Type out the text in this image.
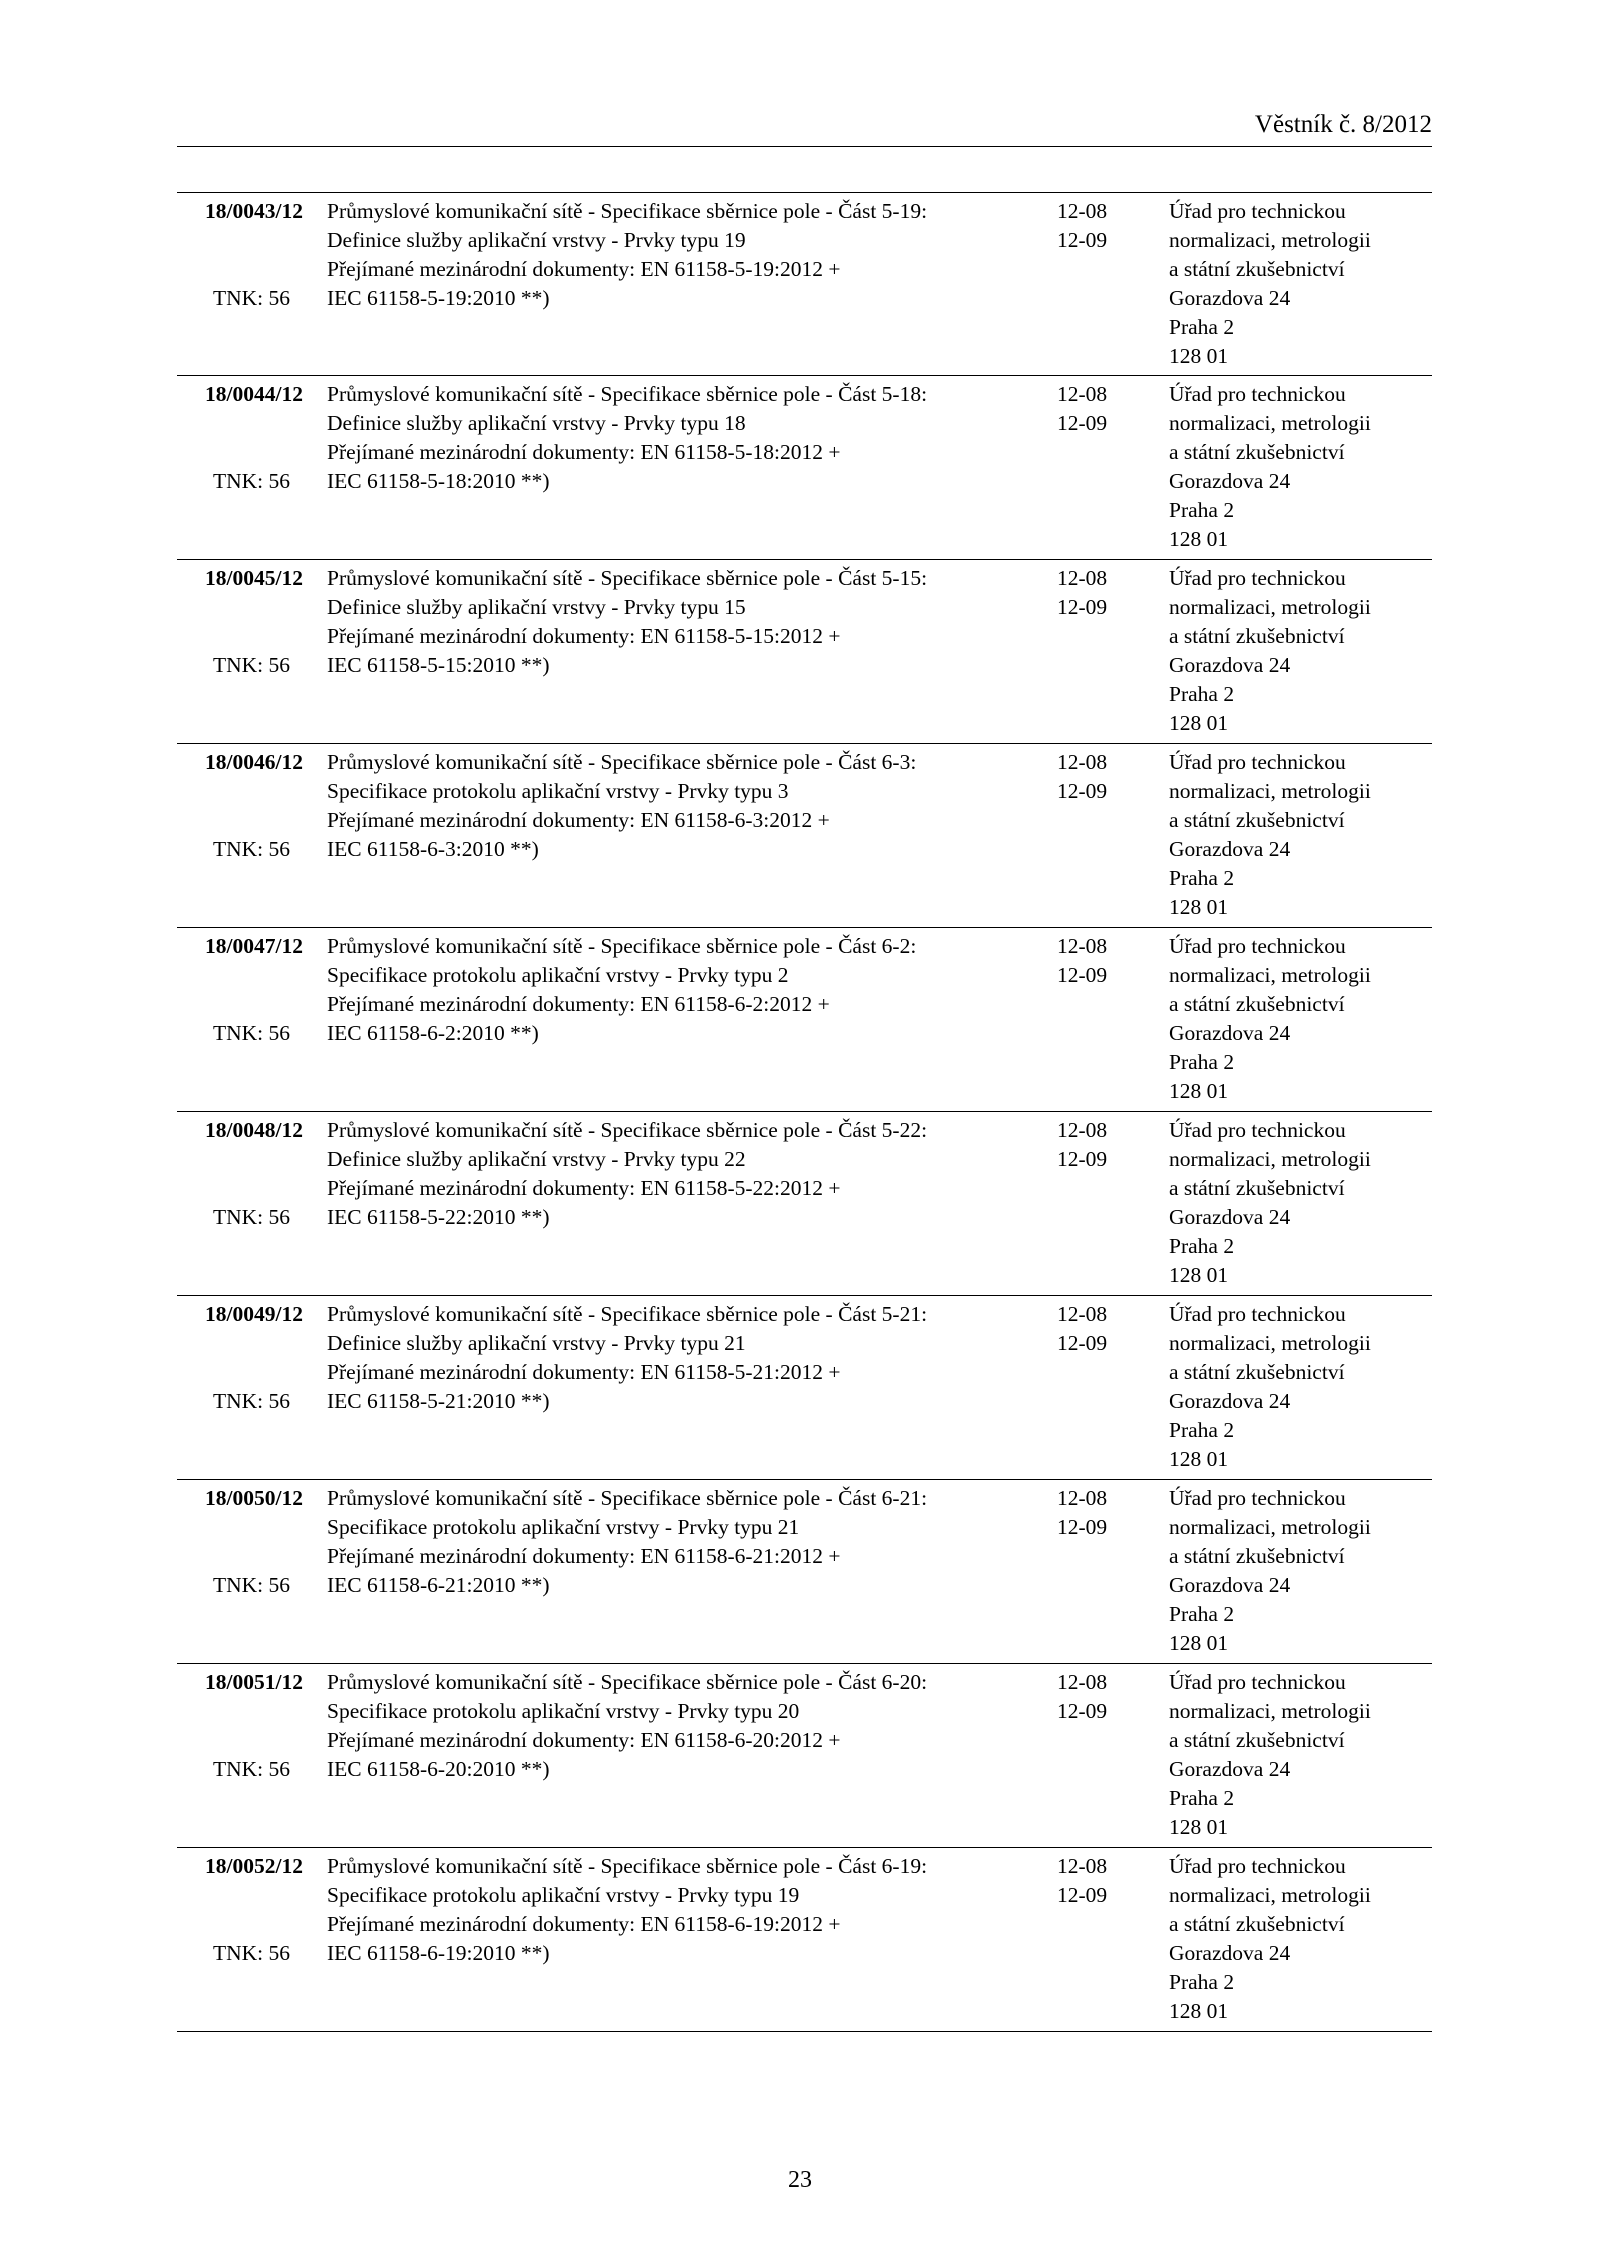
Věstník č. 8/2012
18/0043/12
TNK: 56
Průmyslové komunikační sítě - Specifikace sběrnice pole - Část 5-19:
Definice služby aplikační vrstvy - Prvky typu 19
Přejímané mezinárodní dokumenty: EN 61158-5-19:2012 +
IEC 61158-5-19:2010 **)
12-08
12-09
Úřad pro technickou
normalizaci, metrologii
a státní zkušebnictví
Gorazdova 24
Praha 2
128 01
18/0044/12
TNK: 56
Průmyslové komunikační sítě - Specifikace sběrnice pole - Část 5-18:
Definice služby aplikační vrstvy - Prvky typu 18
Přejímané mezinárodní dokumenty: EN 61158-5-18:2012 +
IEC 61158-5-18:2010 **)
12-08
12-09
Úřad pro technickou
normalizaci, metrologii
a státní zkušebnictví
Gorazdova 24
Praha 2
128 01
18/0045/12
TNK: 56
Průmyslové komunikační sítě - Specifikace sběrnice pole - Část 5-15:
Definice služby aplikační vrstvy - Prvky typu 15
Přejímané mezinárodní dokumenty: EN 61158-5-15:2012 +
IEC 61158-5-15:2010 **)
12-08
12-09
Úřad pro technickou
normalizaci, metrologii
a státní zkušebnictví
Gorazdova 24
Praha 2
128 01
18/0046/12
TNK: 56
Průmyslové komunikační sítě - Specifikace sběrnice pole - Část 6-3:
Specifikace protokolu aplikační vrstvy - Prvky typu 3
Přejímané mezinárodní dokumenty: EN 61158-6-3:2012 +
IEC 61158-6-3:2010 **)
12-08
12-09
Úřad pro technickou
normalizaci, metrologii
a státní zkušebnictví
Gorazdova 24
Praha 2
128 01
18/0047/12
TNK: 56
Průmyslové komunikační sítě - Specifikace sběrnice pole - Část 6-2:
Specifikace protokolu aplikační vrstvy - Prvky typu 2
Přejímané mezinárodní dokumenty: EN 61158-6-2:2012 +
IEC 61158-6-2:2010 **)
12-08
12-09
Úřad pro technickou
normalizaci, metrologii
a státní zkušebnictví
Gorazdova 24
Praha 2
128 01
18/0048/12
TNK: 56
Průmyslové komunikační sítě - Specifikace sběrnice pole - Část 5-22:
Definice služby aplikační vrstvy - Prvky typu 22
Přejímané mezinárodní dokumenty: EN 61158-5-22:2012 +
IEC 61158-5-22:2010 **)
12-08
12-09
Úřad pro technickou
normalizaci, metrologii
a státní zkušebnictví
Gorazdova 24
Praha 2
128 01
18/0049/12
TNK: 56
Průmyslové komunikační sítě - Specifikace sběrnice pole - Část 5-21:
Definice služby aplikační vrstvy - Prvky typu 21
Přejímané mezinárodní dokumenty: EN 61158-5-21:2012 +
IEC 61158-5-21:2010 **)
12-08
12-09
Úřad pro technickou
normalizaci, metrologii
a státní zkušebnictví
Gorazdova 24
Praha 2
128 01
18/0050/12
TNK: 56
Průmyslové komunikační sítě - Specifikace sběrnice pole - Část 6-21:
Specifikace protokolu aplikační vrstvy - Prvky typu 21
Přejímané mezinárodní dokumenty: EN 61158-6-21:2012 +
IEC 61158-6-21:2010 **)
12-08
12-09
Úřad pro technickou
normalizaci, metrologii
a státní zkušebnictví
Gorazdova 24
Praha 2
128 01
18/0051/12
TNK: 56
Průmyslové komunikační sítě - Specifikace sběrnice pole - Část 6-20:
Specifikace protokolu aplikační vrstvy - Prvky typu 20
Přejímané mezinárodní dokumenty: EN 61158-6-20:2012 +
IEC 61158-6-20:2010 **)
12-08
12-09
Úřad pro technickou
normalizaci, metrologii
a státní zkušebnictví
Gorazdova 24
Praha 2
128 01
18/0052/12
TNK: 56
Průmyslové komunikační sítě - Specifikace sběrnice pole - Část 6-19:
Specifikace protokolu aplikační vrstvy - Prvky typu 19
Přejímané mezinárodní dokumenty: EN 61158-6-19:2012 +
IEC 61158-6-19:2010 **)
12-08
12-09
Úřad pro technickou
normalizaci, metrologii
a státní zkušebnictví
Gorazdova 24
Praha 2
128 01
23
